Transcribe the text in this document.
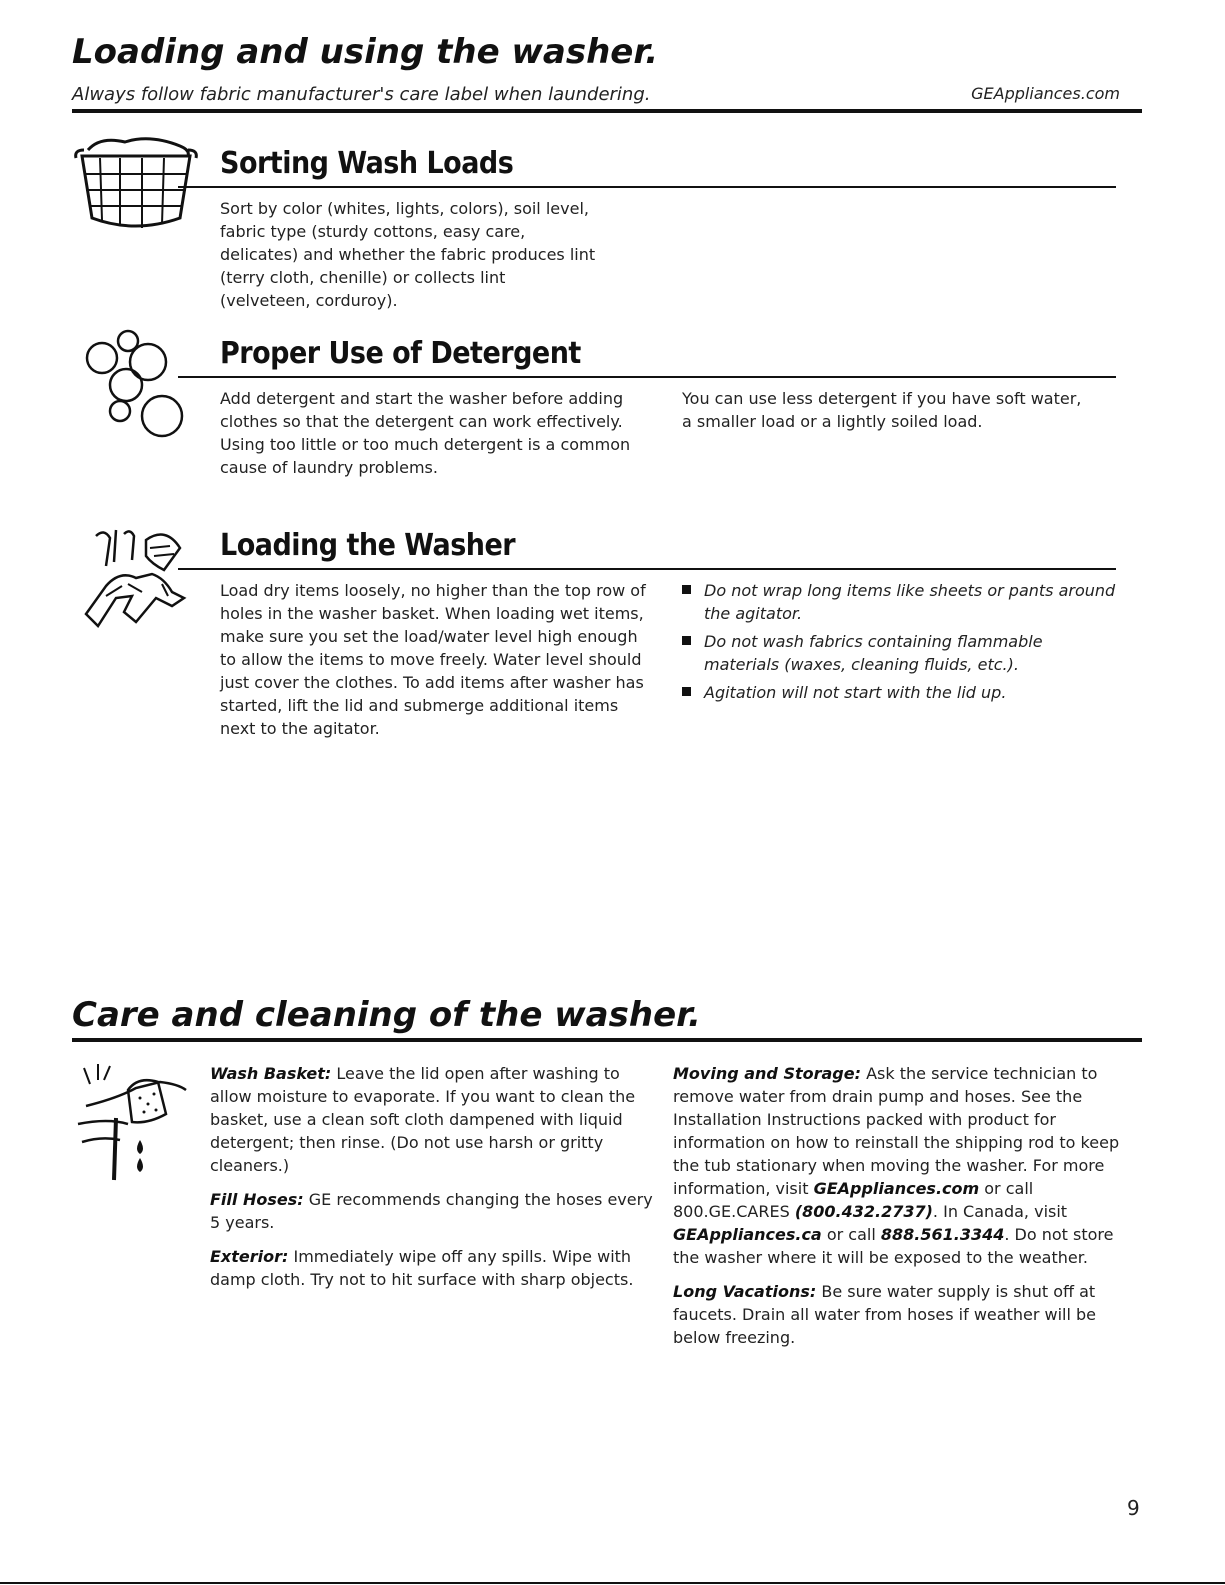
Loading and using the washer.
Always follow fabric manufacturer's care label when laundering.	GEAppliances.com
Sorting Wash Loads

Sort by color (whites, lights, colors), soil level, fabric type (sturdy cottons, easy care, delicates) and whether the fabric produces lint (terry cloth, chenille) or collects lint (velveteen, corduroy).

Proper Use of Detergent

Add detergent and start the washer before adding clothes so that the detergent can work effectively. Using too little or too much detergent is a common cause of laundry problems.

You can use less detergent if you have soft water, a smaller load or a lightly soiled load.

Loading the Washer

Load dry items loosely, no higher than the top row of holes in the washer basket. When loading wet items, make sure you set the load/water level high enough to allow the items to move freely. Water level should just cover the clothes. To add items after washer has started, lift the lid and submerge additional items next to the agitator.

Do not wrap long items like sheets or pants around the agitator.
Do not wash fabrics containing flammable materials (waxes, cleaning fluids, etc.).
Agitation will not start with the lid up.
Care and cleaning of the washer.

Wash Basket: Leave the lid open after washing to allow moisture to evaporate. If you want to clean the basket, use a clean soft cloth dampened with liquid detergent; then rinse. (Do not use harsh or gritty cleaners.)

Fill Hoses: GE recommends changing the hoses every 5 years.

Exterior: Immediately wipe off any spills. Wipe with damp cloth. Try not to hit surface with sharp objects.

Moving and Storage: Ask the service technician to remove water from drain pump and hoses. See the Installation Instructions packed with product for information on how to reinstall the shipping rod to keep the tub stationary when moving the washer. For more information, visit GEAppliances.com or call 800.GE.CARES (800.432.2737). In Canada, visit GEAppliances.ca or call 888.561.3344. Do not store the washer where it will be exposed to the weather.

Long Vacations: Be sure water supply is shut off at faucets. Drain all water from hoses if weather will be below freezing.

9
